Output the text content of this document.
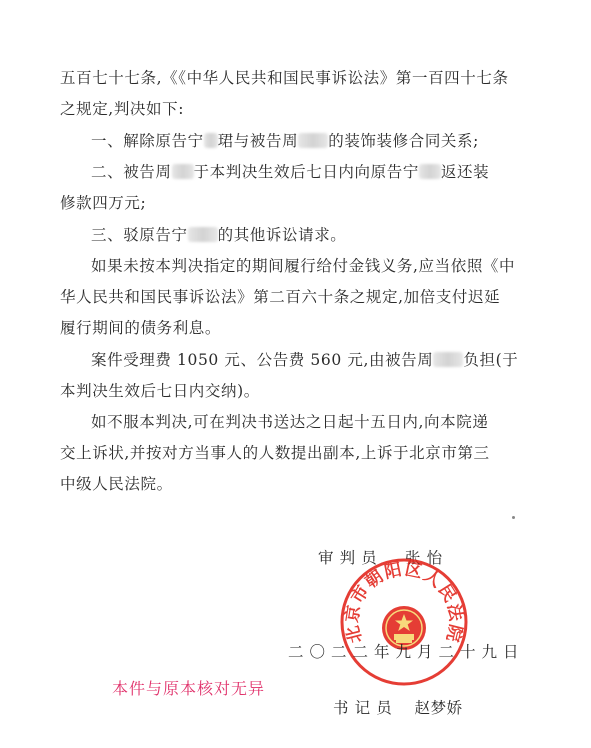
五百七十七条,《《中华人民共和国民事诉讼法》第一百四十七条
之规定,判决如下:
一、解除原告宁 珺与被告周 的装饰装修合同关系;
二、被告周 于本判决生效后七日内向原告宁 返还装
修款四万元;
三、驳原告宁 的其他诉讼请求。
如果未按本判决指定的期间履行给付金钱义务,应当依照《中
华人民共和国民事诉讼法》第二百六十条之规定,加倍支付迟延
履行期间的债务利息。
案件受理费 1050 元、公告费 560 元,由被告周 负担(于
本判决生效后七日内交纳)。
如不服本判决,可在判决书送达之日起十五日内,向本院递
交上诉状,并按对方当事人的人数提出副本,上诉于北京市第三
中级人民法院。
审 判 员 张 怡
北京市朝阳区人民法院
二〇二二年九月二十九日
本件与原本核对无异
书 记 员 赵梦娇
